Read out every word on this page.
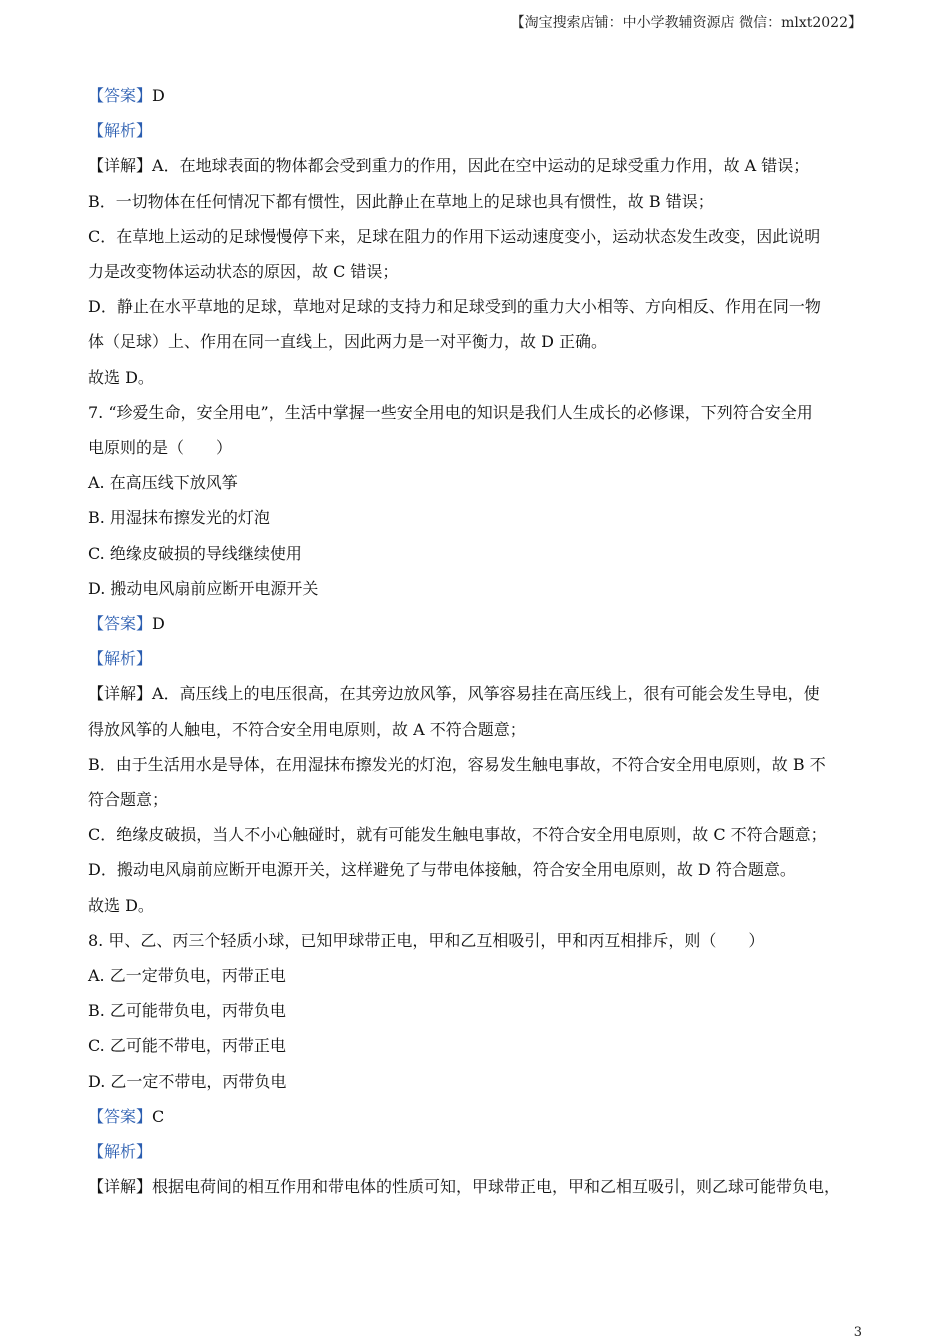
【淘宝搜索店铺：中小学教辅资源店 微信：mlxt2022】
【答案】D
【解析】
【详解】A．在地球表面的物体都会受到重力的作用，因此在空中运动的足球受重力作用，故 A 错误；
B．一切物体在任何情况下都有惯性，因此静止在草地上的足球也具有惯性，故 B 错误；
C．在草地上运动的足球慢慢停下来，足球在阻力的作用下运动速度变小，运动状态发生改变，因此说明
力是改变物体运动状态的原因，故 C 错误；
D．静止在水平草地的足球，草地对足球的支持力和足球受到的重力大小相等、方向相反、作用在同一物
体（足球）上、作用在同一直线上，因此两力是一对平衡力，故 D 正确。
故选 D。
7. “珍爱生命，安全用电”，生活中掌握一些安全用电的知识是我们人生成长的必修课，下列符合安全用
电原则的是（　　）
A. 在高压线下放风筝
B. 用湿抹布擦发光的灯泡
C. 绝缘皮破损的导线继续使用
D. 搬动电风扇前应断开电源开关
【答案】D
【解析】
【详解】A．高压线上的电压很高，在其旁边放风筝，风筝容易挂在高压线上，很有可能会发生导电，使
得放风筝的人触电，不符合安全用电原则，故 A 不符合题意；
B．由于生活用水是导体，在用湿抹布擦发光的灯泡，容易发生触电事故，不符合安全用电原则，故 B 不
符合题意；
C．绝缘皮破损，当人不小心触碰时，就有可能发生触电事故，不符合安全用电原则，故 C 不符合题意；
D．搬动电风扇前应断开电源开关，这样避免了与带电体接触，符合安全用电原则，故 D 符合题意。
故选 D。
8. 甲、乙、丙三个轻质小球，已知甲球带正电，甲和乙互相吸引，甲和丙互相排斥，则（　　）
A. 乙一定带负电，丙带正电
B. 乙可能带负电，丙带负电
C. 乙可能不带电，丙带正电
D. 乙一定不带电，丙带负电
【答案】C
【解析】
【详解】根据电荷间的相互作用和带电体的性质可知，甲球带正电，甲和乙相互吸引，则乙球可能带负电，
3
